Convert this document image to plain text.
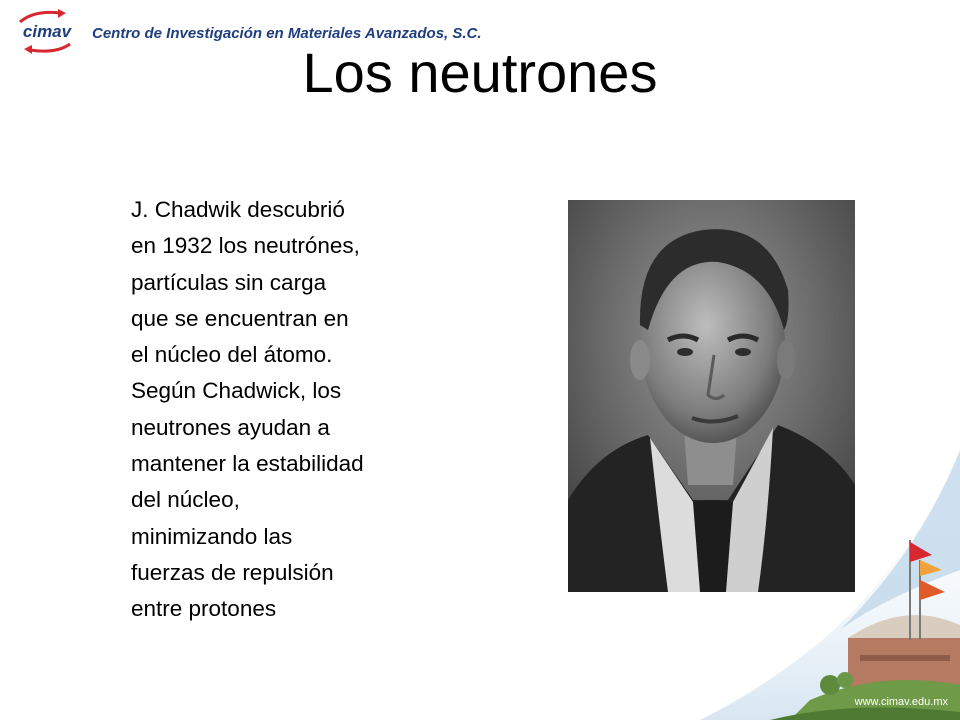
cimav Centro de Investigación en Materiales Avanzados, S.C.
Los neutrones
J. Chadwik descubrió
en 1932 los neutrónes,
partículas sin carga
que se encuentran en
el núcleo del átomo.
Según Chadwick, los
neutrones ayudan a
mantener la estabilidad
del núcleo,
minimizando las
fuerzas de repulsión
entre protones
www.cimav.edu.mx
